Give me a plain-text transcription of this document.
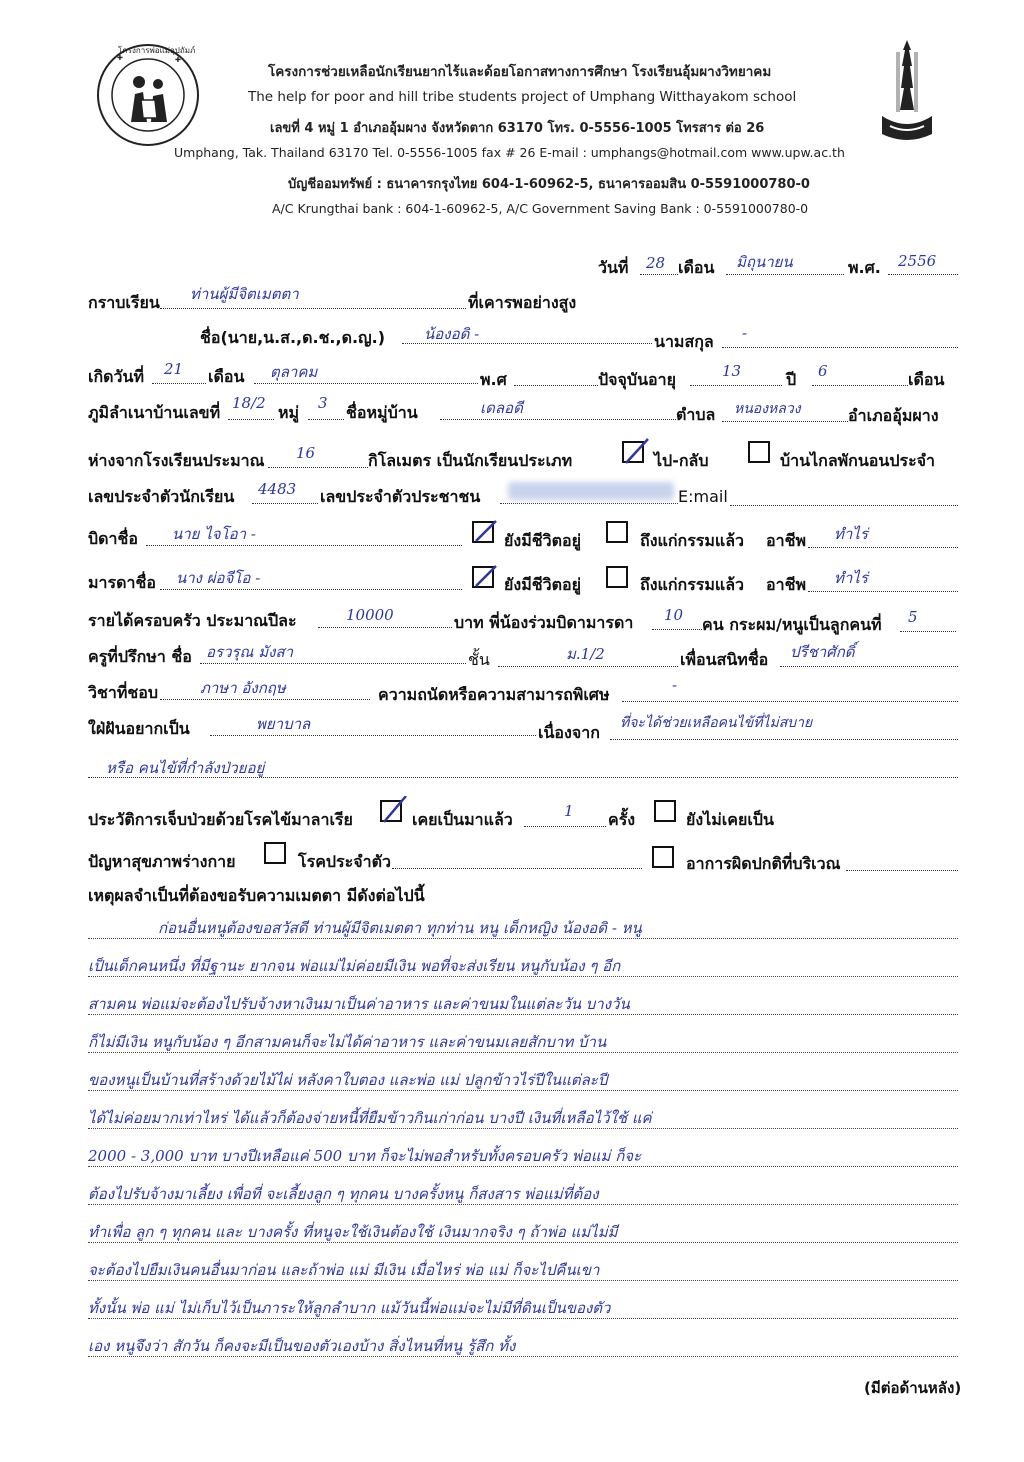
✚	✚
โครงการพ่อแม่อุปถัมภ์
โครงการช่วยเหลือนักเรียนยากไร้และด้อยโอกาสทางการศึกษา โรงเรียนอุ้มผางวิทยาคม
The help for poor and hill tribe students project of Umphang Witthayakom school
เลขที่ 4 หมู่ 1 อำเภออุ้มผาง จังหวัดตาก 63170 โทร. 0-5556-1005 โทรสาร ต่อ 26
Umphang, Tak. Thailand 63170 Tel. 0-5556-1005 fax # 26 E-mail : umphangs@hotmail.com www.upw.ac.th
บัญชีออมทรัพย์ : ธนาคารกรุงไทย 604-1-60962-5, ธนาคารออมสิน 0-5591000780-0
A/C Krungthai bank : 604-1-60962-5, A/C Government Saving Bank : 0-5591000780-0
วันที่ 28 เดือน มิถุนายน	พ.ศ. 2556
กราบเรียน ท่านผู้มีจิตเมตตา	ที่เคารพอย่างสูง
ชื่อ(นาย,น.ส.,ด.ช.,ด.ญ.)	น้องอดิ -	นามสกุล -
เกิดวันที่ 21 เดือน ตุลาคม	พ.ศ	ปัจจุบันอายุ	13	ปี 6	เดือน
ภูมิลำเนาบ้านเลขที่ 18/2 หมู่ 3 ชื่อหมู่บ้าน	เดลอดี	ตำบล หนองหลวง	อำเภออุ้มผาง
ห่างจากโรงเรียนประมาณ 16	กิโลเมตร เป็นนักเรียนประเภท	ไป-กลับ	บ้านไกลพักนอนประจำ
เลขประจำตัวนักเรียน 4483 เลขประจำตัวประชาชน	E:mail
บิดาชื่อ นาย ไจโอา -	ยังมีชีวิตอยู่	ถึงแก่กรรมแล้ว อาชีพ ทำไร่
มารดาชื่อ นาง ผ่อจีโอ -	ยังมีชีวิตอยู่	ถึงแก่กรรมแล้ว อาชีพ ทำไร่
รายได้ครอบครัว ประมาณปีละ	10000	บาท พี่น้องร่วมบิดามารดา 10 คน กระผม/หนูเป็นลูกคนที่ 5
ครูที่ปรึกษา ชื่อ อรวรุณ มังสา	ชั้น	ม.1/2	เพื่อนสนิทชื่อ ปรีชาศักดิ์
วิชาที่ชอบ	ภาษา อังกฤษ	ความถนัดหรือความสามารถพิเศษ	-
ใฝ่ฝันอยากเป็น	พยาบาล	เนื่องจาก ที่จะได้ช่วยเหลือคนไข้ที่ไม่สบาย
หรือ คนไข้ที่กำลังป่วยอยู่
ประวัติการเจ็บป่วยด้วยโรคไข้มาลาเรีย	เคยเป็นมาแล้ว	1 ครั้ง	ยังไม่เคยเป็น
ปัญหาสุขภาพร่างกาย	โรคประจำตัว	อาการผิดปกติที่บริเวณ
เหตุผลจำเป็นที่ต้องขอรับความเมตตา มีดังต่อไปนี้
ก่อนอื่นหนูต้องขอสวัสดี ท่านผู้มีจิตเมตตา ทุกท่าน หนู เด็กหญิง น้องอดิ - หนู
เป็นเด็กคนหนึ่ง ที่มีฐานะ ยากจน พ่อแม่ไม่ค่อยมีเงิน พอที่จะส่งเรียน หนูกับน้อง ๆ อีก
สามคน พ่อแม่จะต้องไปรับจ้างหาเงินมาเป็นค่าอาหาร และค่าขนมในแต่ละวัน บางวัน
ก็ไม่มีเงิน หนูกับน้อง ๆ อีกสามคนก็จะไม่ได้ค่าอาหาร และค่าขนมเลยสักบาท บ้าน
ของหนูเป็นบ้านที่สร้างด้วยไม้ไผ่ หลังคาใบตอง และพ่อ แม่ ปลูกข้าวไร่ปีในแต่ละปี
ได้ไม่ค่อยมากเท่าไหร่ ได้แล้วก็ต้องจ่ายหนี้ที่ยืมข้าวกินเก่าก่อน บางปี เงินที่เหลือไว้ใช้ แค่
2000 - 3,000 บาท บางปีเหลือแค่ 500 บาท ก็จะไม่พอสำหรับทั้งครอบครัว พ่อแม่ ก็จะ
ต้องไปรับจ้างมาเลี้ยง เพื่อที่ จะเลี้ยงลูก ๆ ทุกคน บางครั้งหนู ก็สงสาร พ่อแม่ที่ต้อง
ทำเพื่อ ลูก ๆ ทุกคน และ บางครั้ง ที่หนูจะใช้เงินต้องใช้ เงินมากจริง ๆ ถ้าพ่อ แม่ไม่มี
จะต้องไปยืมเงินคนอื่นมาก่อน และถ้าพ่อ แม่ มีเงิน เมื่อไหร่ พ่อ แม่ ก็จะไปคืนเขา
ทั้งนั้น พ่อ แม่ ไม่เก็บไว้เป็นภาระให้ลูกลำบาก แม้วันนี้พ่อแม่จะไม่มีที่ดินเป็นของตัว
เอง หนูจึงว่า สักวัน ก็คงจะมีเป็นของตัวเองบ้าง สิ่งไหนที่หนู รู้สึก ทั้ง
(มีต่อด้านหลัง)
